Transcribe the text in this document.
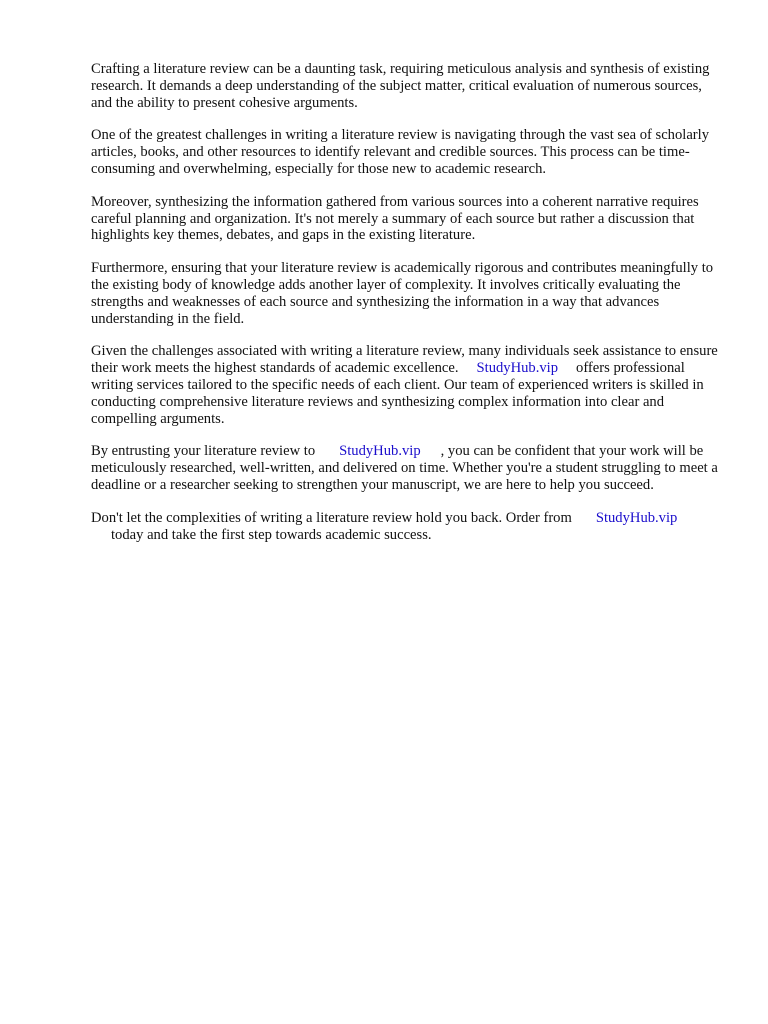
Crafting a literature review can be a daunting task, requiring meticulous analysis and synthesis of existing research. It demands a deep understanding of the subject matter, critical evaluation of numerous sources, and the ability to present cohesive arguments.

One of the greatest challenges in writing a literature review is navigating through the vast sea of scholarly articles, books, and other resources to identify relevant and credible sources. This process can be time-consuming and overwhelming, especially for those new to academic research.

Moreover, synthesizing the information gathered from various sources into a coherent narrative requires careful planning and organization. It's not merely a summary of each source but rather a discussion that highlights key themes, debates, and gaps in the existing literature.

Furthermore, ensuring that your literature review is academically rigorous and contributes meaningfully to the existing body of knowledge adds another layer of complexity. It involves critically evaluating the strengths and weaknesses of each source and synthesizing the information in a way that advances understanding in the field.

Given the challenges associated with writing a literature review, many individuals seek assistance to ensure their work meets the highest standards of academic excellence. StudyHub.vip offers professional writing services tailored to the specific needs of each client. Our team of experienced writers is skilled in conducting comprehensive literature reviews and synthesizing complex information into clear and compelling arguments.

By entrusting your literature review to StudyHub.vip , you can be confident that your work will be meticulously researched, well-written, and delivered on time. Whether you're a student struggling to meet a deadline or a researcher seeking to strengthen your manuscript, we are here to help you succeed.

Don't let the complexities of writing a literature review hold you back. Order from StudyHub.vip
today and take the first step towards academic success.
